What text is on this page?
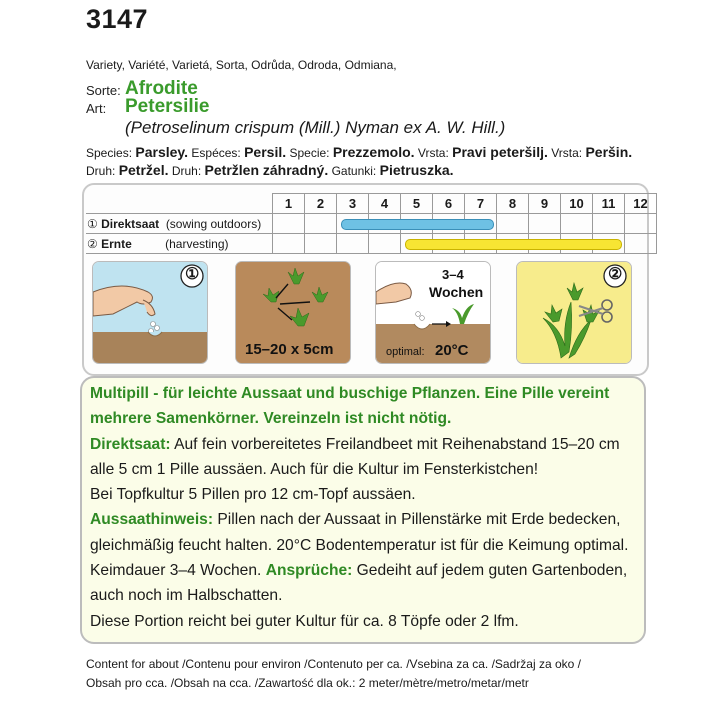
3147
Variety, Variété, Varietá, Sorta, Odrůda, Odroda, Odmiana,
Sorte: Afrodite
Art: Petersilie
(Petroselinum crispum (Mill.) Nyman ex A. W. Hill.)
Species: Parsley. Espéces: Persil. Specie: Prezzemolo. Vrsta: Pravi peteršilj. Vrsta: Peršin.
Druh: Petržel. Druh: Petržlen záhradný. Gatunki: Pietruszka.
	1	2	3	4	5	6	7	8	9	10	11	12
① Direktsaat (sowing outdoors)												
② Ernte (harvesting)												
①
15–20 x 5cm
3–4
Wochen
optimal: 20°C
②

Multipill - für leichte Aussaat und buschige Pflanzen. Eine Pille vereint mehrere Samenkörner. Vereinzeln ist nicht nötig.

Direktsaat: Auf fein vorbereitetes Freilandbeet mit Reihenabstand 15–20 cm alle 5 cm 1 Pille aussäen. Auch für die Kultur im Fensterkistchen!

Bei Topfkultur 5 Pillen pro 12 cm-Topf aussäen.

Aussaathinweis: Pillen nach der Aussaat in Pillenstärke mit Erde bedecken, gleichmäßig feucht halten. 20°C Bodentemperatur ist für die Keimung optimal. Keimdauer 3–4 Wochen. Ansprüche: Gedeiht auf jedem guten Gartenboden, auch noch im Halbschatten.

Diese Portion reicht bei guter Kultur für ca. 8 Töpfe oder 2 lfm.

Content for about /Contenu pour environ /Contenuto per ca. /Vsebina za ca. /Sadržaj za oko /
Obsah pro cca. /Obsah na cca. /Zawartość dla ok.: 2 meter/mètre/metro/metar/metr
